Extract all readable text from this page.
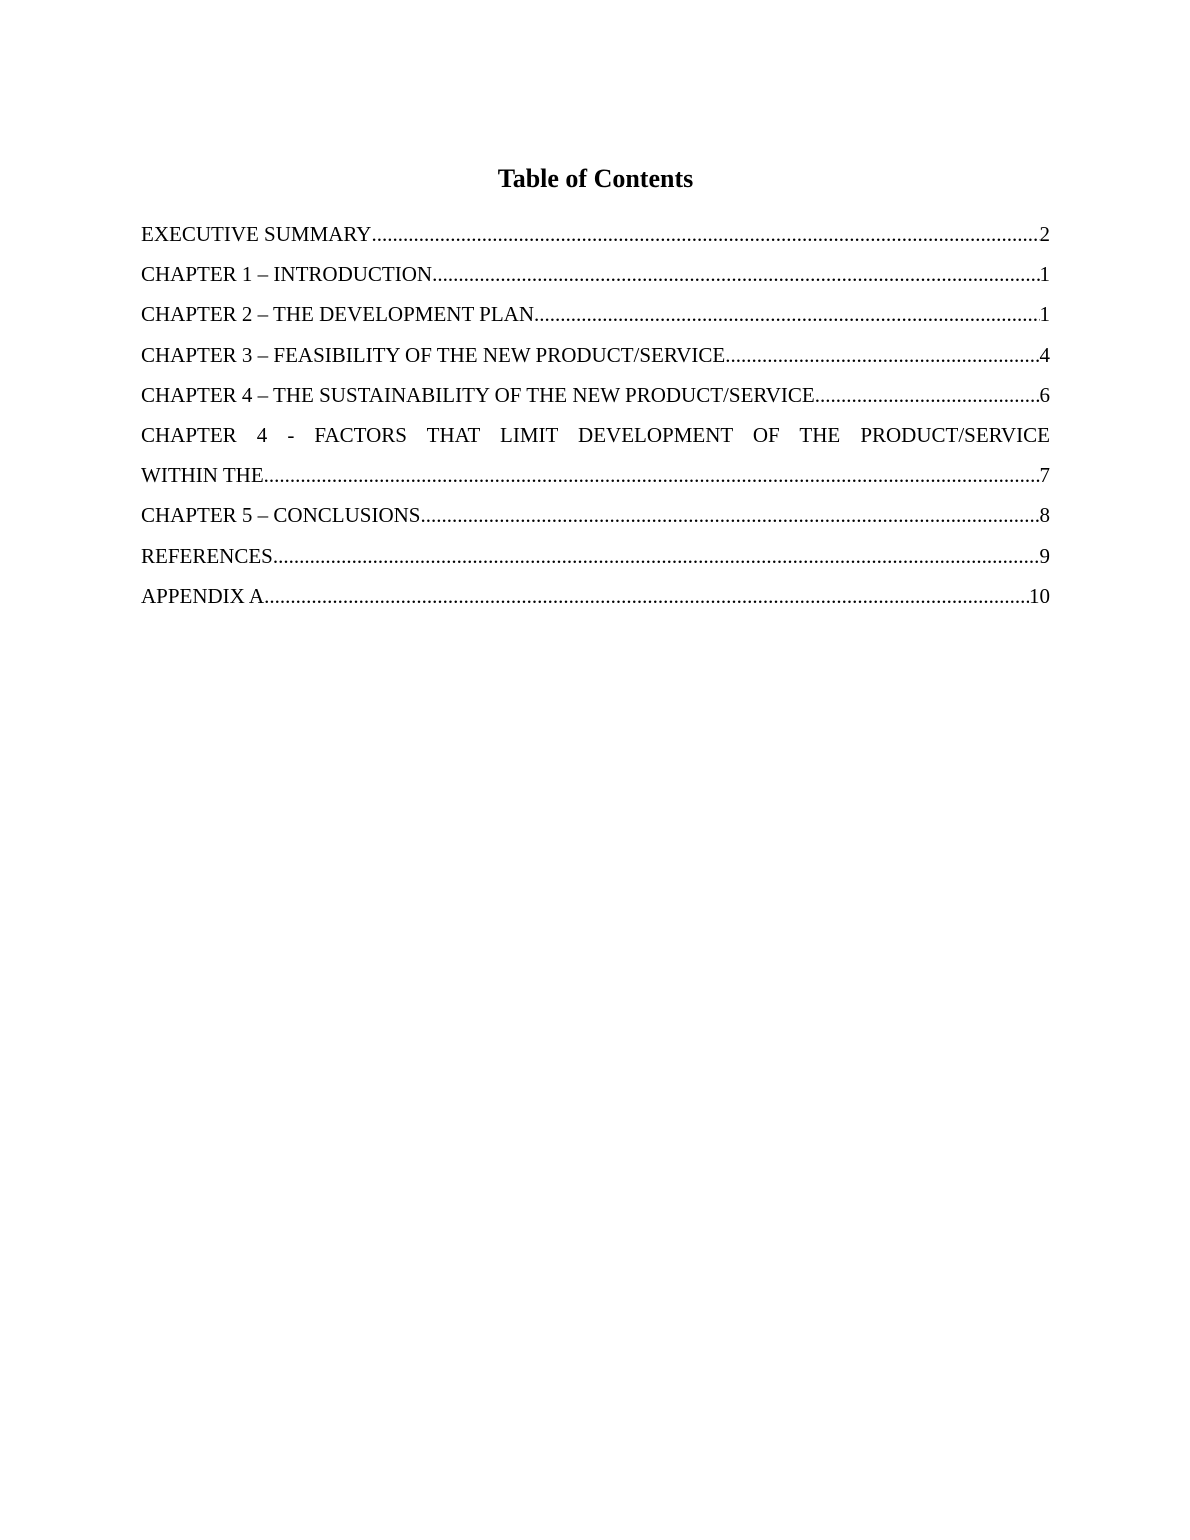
Table of Contents
EXECUTIVE SUMMARY .....	2
CHAPTER 1 – INTRODUCTION .....	1
CHAPTER 2 – THE DEVELOPMENT PLAN .....	1
CHAPTER 3 – FEASIBILITY OF THE NEW PRODUCT/SERVICE .....	4
CHAPTER 4 – THE SUSTAINABILITY OF THE NEW PRODUCT/SERVICE .....	6
CHAPTER 4 - FACTORS THAT LIMIT DEVELOPMENT OF THE PRODUCT/SERVICE
WITHIN THE .....	7
CHAPTER 5 – CONCLUSIONS .....	8
REFERENCES .....	9
APPENDIX A .....	10
